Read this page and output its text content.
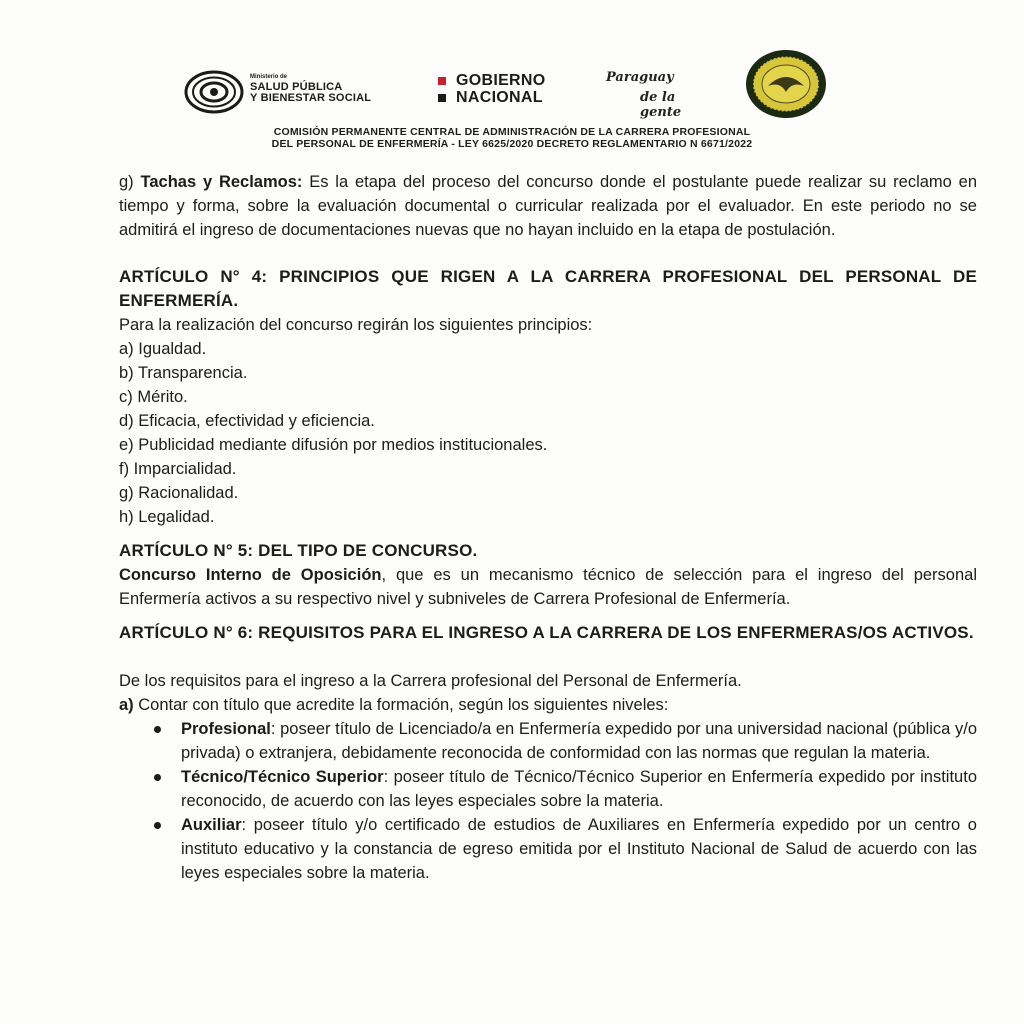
Ministerio de
SALUD PÚBLICA
Y BIENESTAR SOCIAL
GOBIERNO
NACIONAL
Paraguay
de la gente
COMISIÓN PERMANENTE CENTRAL DE ADMINISTRACIÓN DE LA CARRERA PROFESIONAL
DEL PERSONAL DE ENFERMERÍA - LEY 6625/2020 DECRETO REGLAMENTARIO N 6671/2022

g) Tachas y Reclamos: Es la etapa del proceso del concurso donde el postulante puede realizar su reclamo en tiempo y forma, sobre la evaluación documental o curricular realizada por el evaluador. En este periodo no se admitirá el ingreso de documentaciones nuevas que no hayan incluido en la etapa de postulación.

ARTÍCULO N° 4: PRINCIPIOS QUE RIGEN A LA CARRERA PROFESIONAL DEL PERSONAL DE ENFERMERÍA.

Para la realización del concurso regirán los siguientes principios:

a) Igualdad.
b) Transparencia.
c) Mérito.
d) Eficacia, efectividad y eficiencia.
e) Publicidad mediante difusión por medios institucionales.
f) Imparcialidad.
g) Racionalidad.
h) Legalidad.

ARTÍCULO N° 5: DEL TIPO DE CONCURSO.

Concurso Interno de Oposición, que es un mecanismo técnico de selección para el ingreso del personal Enfermería activos a su respectivo nivel y subniveles de Carrera Profesional de Enfermería.

ARTÍCULO N° 6: REQUISITOS PARA EL INGRESO A LA CARRERA DE LOS ENFERMERAS/OS ACTIVOS.

De los requisitos para el ingreso a la Carrera profesional del Personal de Enfermería.

a) Contar con título que acredite la formación, según los siguientes niveles:

Profesional: poseer título de Licenciado/a en Enfermería expedido por una universidad nacional (pública y/o privada) o extranjera, debidamente reconocida de conformidad con las normas que regulan la materia.
Técnico/Técnico Superior: poseer título de Técnico/Técnico Superior en Enfermería expedido por instituto reconocido, de acuerdo con las leyes especiales sobre la materia.
Auxiliar: poseer título y/o certificado de estudios de Auxiliares en Enfermería expedido por un centro o instituto educativo y la constancia de egreso emitida por el Instituto Nacional de Salud de acuerdo con las leyes especiales sobre la materia.
